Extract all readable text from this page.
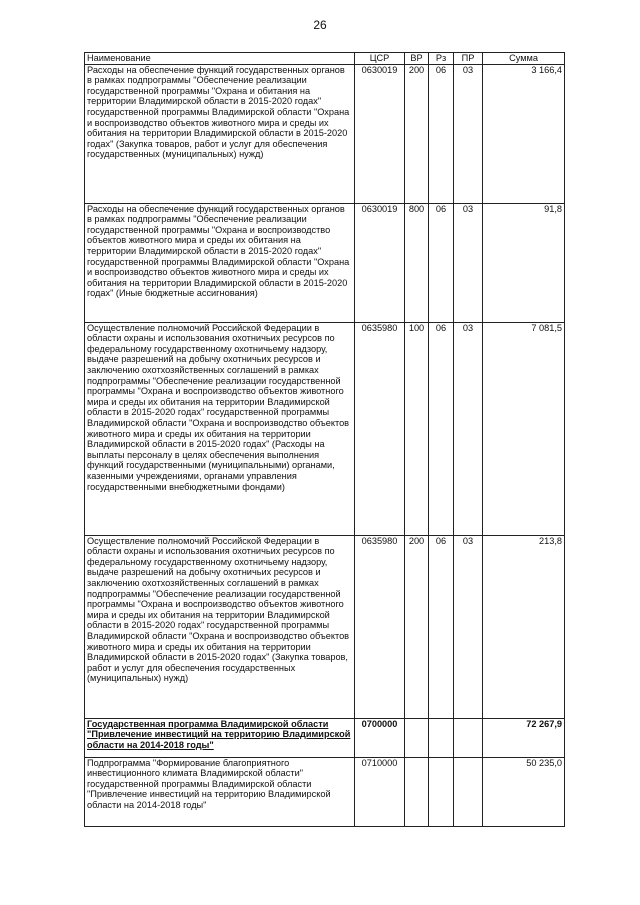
26
Наименование	ЦСР	ВР	Рз	ПР	Сумма
Расходы на обеспечение функций государственных органов в рамках подпрограммы "Обеспечение реализации государственной программы "Охрана и обитания на территории Владимирской области в 2015-2020 годах" государственной программы Владимирской области "Охрана и воспроизводство объектов животного мира и среды их обитания на территории Владимирской области в 2015-2020 годах" (Закупка товаров, работ и услуг для обеспечения государственных (муниципальных) нужд)	0630019	200	06	03	3 166,4
Расходы на обеспечение функций государственных органов в рамках подпрограммы "Обеспечение реализации государственной программы "Охрана и воспроизводство объектов животного мира и среды их обитания на территории Владимирской области в 2015-2020 годах" государственной программы Владимирской области "Охрана и воспроизводство объектов животного мира и среды их обитания на территории Владимирской области в 2015-2020 годах" (Иные бюджетные ассигнования)	0630019	800	06	03	91,8
Осуществление полномочий Российской Федерации в области охраны и использования охотничьих ресурсов по федеральному государственному охотничьему надзору, выдаче разрешений на добычу охотничьих ресурсов и заключению охотхозяйственных соглашений в рамках подпрограммы "Обеспечение реализации государственной программы "Охрана и воспроизводство объектов животного мира и среды их обитания на территории Владимирской области в 2015-2020 годах" государственной программы Владимирской области "Охрана и воспроизводство объектов животного мира и среды их обитания на территории Владимирской области в 2015-2020 годах" (Расходы на выплаты персоналу в целях обеспечения выполнения функций государственными (муниципальными) органами, казенными учреждениями, органами управления государственными внебюджетными фондами)	0635980	100	06	03	7 081,5
Осуществление полномочий Российской Федерации в области охраны и использования охотничьих ресурсов по федеральному государственному охотничьему надзору, выдаче разрешений на добычу охотничьих ресурсов и заключению охотхозяйственных соглашений в рамках подпрограммы "Обеспечение реализации государственной программы "Охрана и воспроизводство объектов животного мира и среды их обитания на территории Владимирской области в 2015-2020 годах" государственной программы Владимирской области "Охрана и воспроизводство объектов животного мира и среды их обитания на территории Владимирской области в 2015-2020 годах" (Закупка товаров, работ и услуг для обеспечения государственных (муниципальных) нужд)	0635980	200	06	03	213,8
Государственная программа Владимирской области "Привлечение инвестиций на территорию Владимирской области на 2014-2018 годы"	0700000				72 267,9
Подпрограмма "Формирование благоприятного инвестиционного климата Владимирской области" государственной программы Владимирской области "Привлечение инвестиций на территорию Владимирской области на 2014-2018 годы"	0710000				50 235,0
